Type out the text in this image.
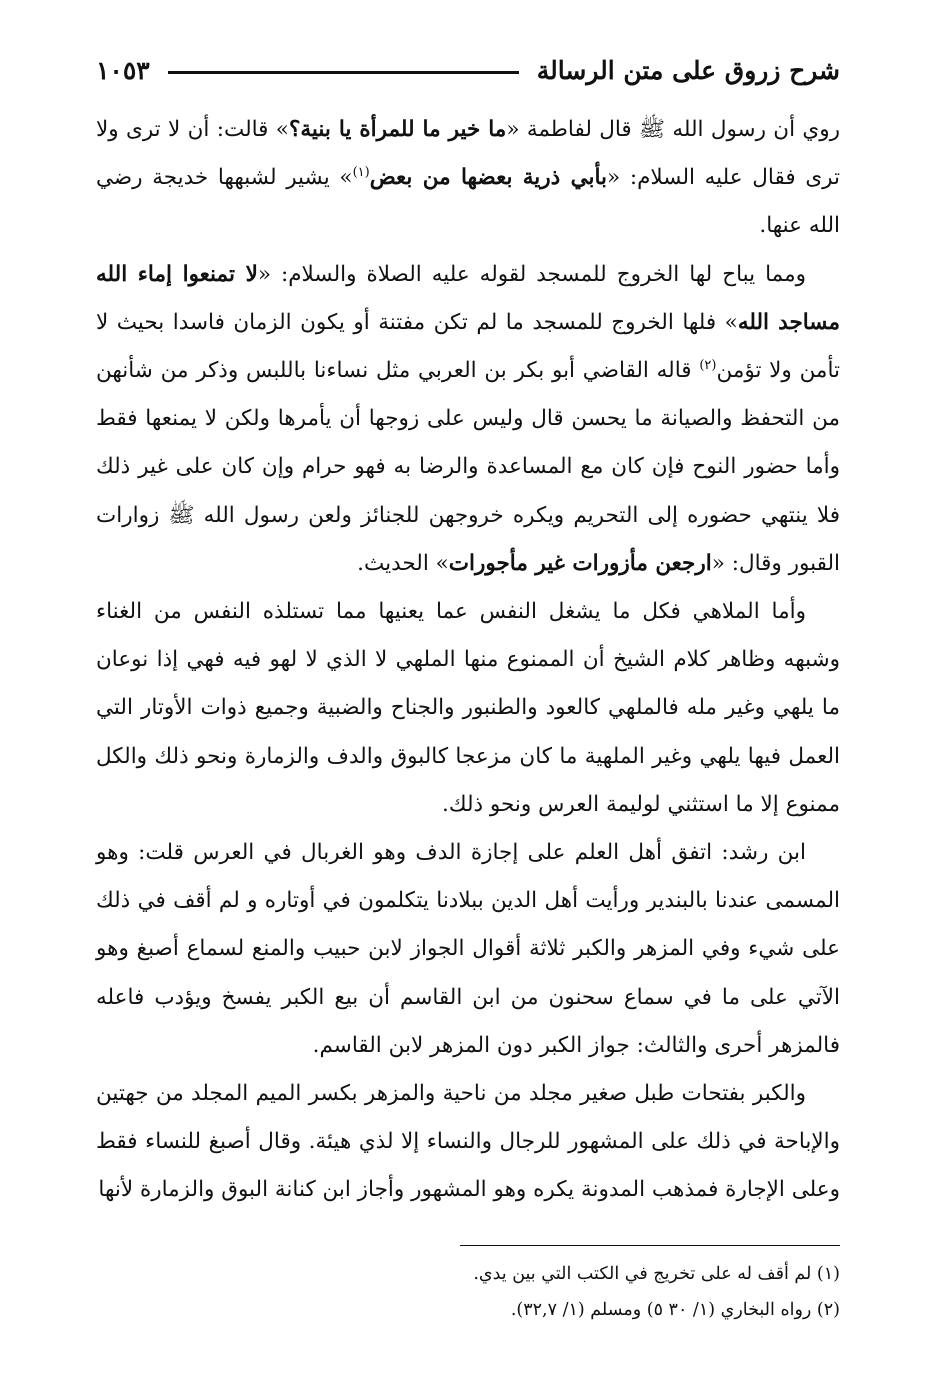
شرح زروق على متن الرسالة
١٠٥٣

روي أن رسول الله ﷺ قال لفاطمة «ما خير ما للمرأة يا بنية؟» قالت: أن لا ترى ولا ترى فقال عليه السلام: «بأبي ذرية بعضها من بعض$^{(١)}$» يشير لشبهها خديجة رضي الله عنها.

ومما يباح لها الخروج للمسجد لقوله عليه الصلاة والسلام: «لا تمنعوا إماء الله مساجد الله» فلها الخروج للمسجد ما لم تكن مفتنة أو يكون الزمان فاسدا بحيث لا تأمن ولا تؤمن$^{(٢)}$ قاله القاضي أبو بكر بن العربي مثل نساءنا باللبس وذكر من شأنهن من التحفظ والصيانة ما يحسن قال وليس على زوجها أن يأمرها ولكن لا يمنعها فقط وأما حضور النوح فإن كان مع المساعدة والرضا به فهو حرام وإن كان على غير ذلك فلا ينتهي حضوره إلى التحريم ويكره خروجهن للجنائز ولعن رسول الله ﷺ زوارات القبور وقال: «ارجعن مأزورات غير مأجورات» الحديث.

وأما الملاهي فكل ما يشغل النفس عما يعنيها مما تستلذه النفس من الغناء وشبهه وظاهر كلام الشيخ أن الممنوع منها الملهي لا الذي لا لهو فيه فهي إذا نوعان ما يلهي وغير مله فالملهي كالعود والطنبور والجناح والضبية وجميع ذوات الأوتار التي العمل فيها يلهي وغير الملهية ما كان مزعجا كالبوق والدف والزمارة ونحو ذلك والكل ممنوع إلا ما استثني لوليمة العرس ونحو ذلك.

ابن رشد: اتفق أهل العلم على إجازة الدف وهو الغربال في العرس قلت: وهو المسمى عندنا بالبندير ورأيت أهل الدين ببلادنا يتكلمون في أوتاره و لم أقف في ذلك على شيء وفي المزهر والكبر ثلاثة أقوال الجواز لابن حبيب والمنع لسماع أصبغ وهو الآتي على ما في سماع سحنون من ابن القاسم أن بيع الكبر يفسخ ويؤدب فاعله فالمزهر أحرى والثالث: جواز الكبر دون المزهر لابن القاسم.

والكبر بفتحات طبل صغير مجلد من ناحية والمزهر بكسر الميم المجلد من جهتين والإباحة في ذلك على المشهور للرجال والنساء إلا لذي هيئة. وقال أصبغ للنساء فقط وعلى الإجارة فمذهب المدونة يكره وهو المشهور وأجاز ابن كنانة البوق والزمارة لأنها

(١) لم أقف له على تخريج في الكتب التي بين يدي.

(٢) رواه البخاري (١/ ٣٠ ٥) ومسلم (١/ ٣٢,٧).
